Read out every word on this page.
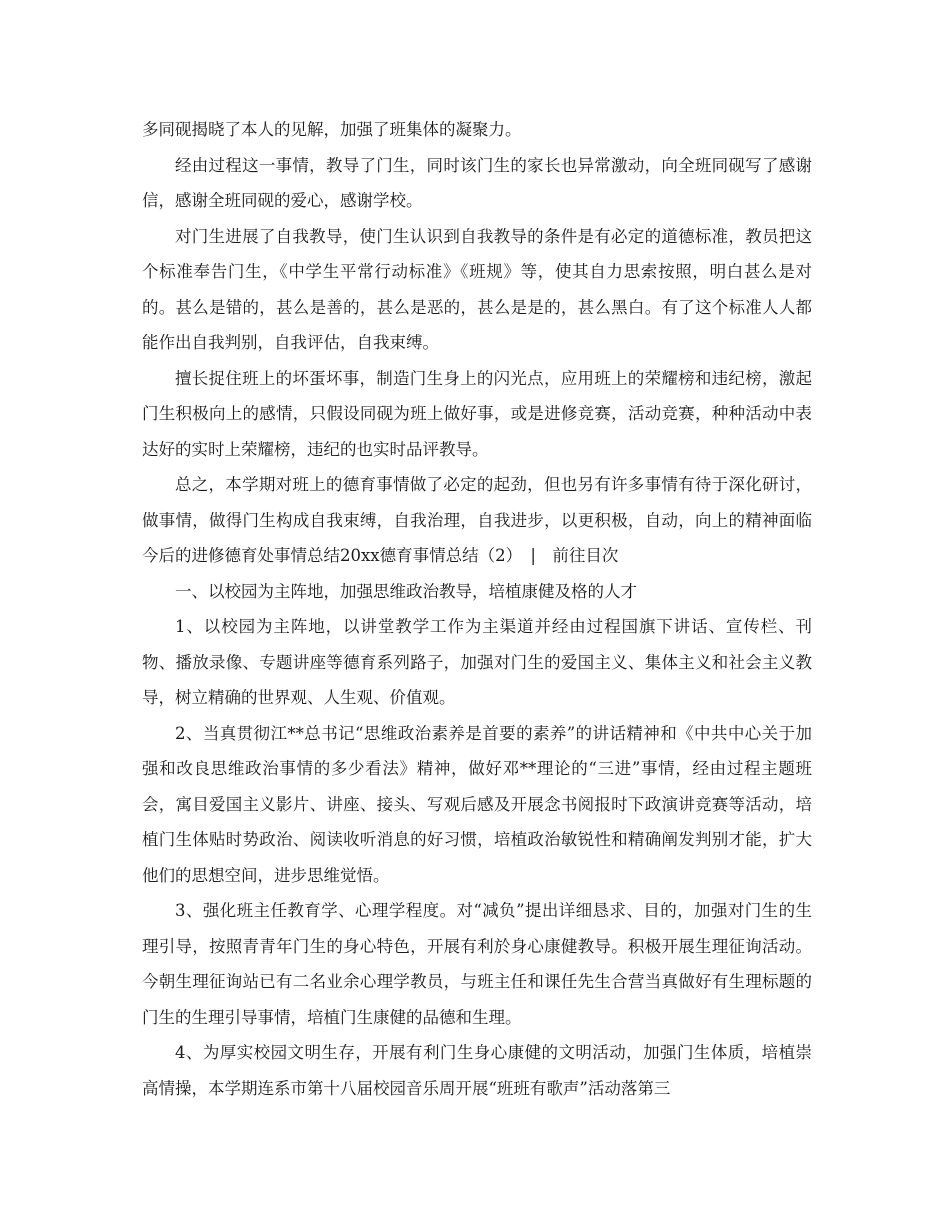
多同砚揭晓了本人的见解，加强了班集体的凝聚力。

经由过程这一事情，教导了门生，同时该门生的家长也异常激动，向全班同砚写了感谢信，感谢全班同砚的爱心，感谢学校。

对门生进展了自我教导，使门生认识到自我教导的条件是有必定的道德标准，教员把这个标准奉告门生，《中学生平常行动标准》《班规》等，使其自力思索按照，明白甚么是对的。甚么是错的，甚么是善的，甚么是恶的，甚么是是的，甚么黑白。有了这个标准人人都能作出自我判别，自我评估，自我束缚。

擅长捉住班上的坏蛋坏事，制造门生身上的闪光点，应用班上的荣耀榜和违纪榜，激起门生积极向上的感情，只假设同砚为班上做好事，或是进修竞赛，活动竞赛，种种活动中表达好的实时上荣耀榜，违纪的也实时品评教导。

总之，本学期对班上的德育事情做了必定的起劲，但也另有许多事情有待于深化研讨，做事情，做得门生构成自我束缚，自我治理，自我进步，以更积极，自动，向上的精神面临今后的进修德育处事情总结20xx德育事情总结（2）　|　前往目次

一、以校园为主阵地，加强思维政治教导，培植康健及格的人才

1、以校园为主阵地，以讲堂教学工作为主渠道并经由过程国旗下讲话、宣传栏、刊物、播放录像、专题讲座等德育系列路子，加强对门生的爱国主义、集体主义和社会主义教导，树立精确的世界观、人生观、价值观。

2、当真贯彻江**总书记“思维政治素养是首要的素养”的讲话精神和《中共中心关于加强和改良思维政治事情的多少看法》精神，做好邓**理论的“三进”事情，经由过程主题班会，寓目爱国主义影片、讲座、接头、写观后感及开展念书阅报时下政演讲竞赛等活动，培植门生体贴时势政治、阅读收听消息的好习惯，培植政治敏锐性和精确阐发判别才能，扩大他们的思想空间，进步思维觉悟。

3、强化班主任教育学、心理学程度。对“减负”提出详细恳求、目的，加强对门生的生理引导，按照青青年门生的身心特色，开展有利於身心康健教导。积极开展生理征询活动。今朝生理征询站已有二名业余心理学教员，与班主任和课任先生合营当真做好有生理标题的门生的生理引导事情，培植门生康健的品德和生理。

4、为厚实校园文明生存，开展有利门生身心康健的文明活动，加强门生体质，培植崇高情操，本学期连系市第十八届校园音乐周开展“班班有歌声”活动落第三
